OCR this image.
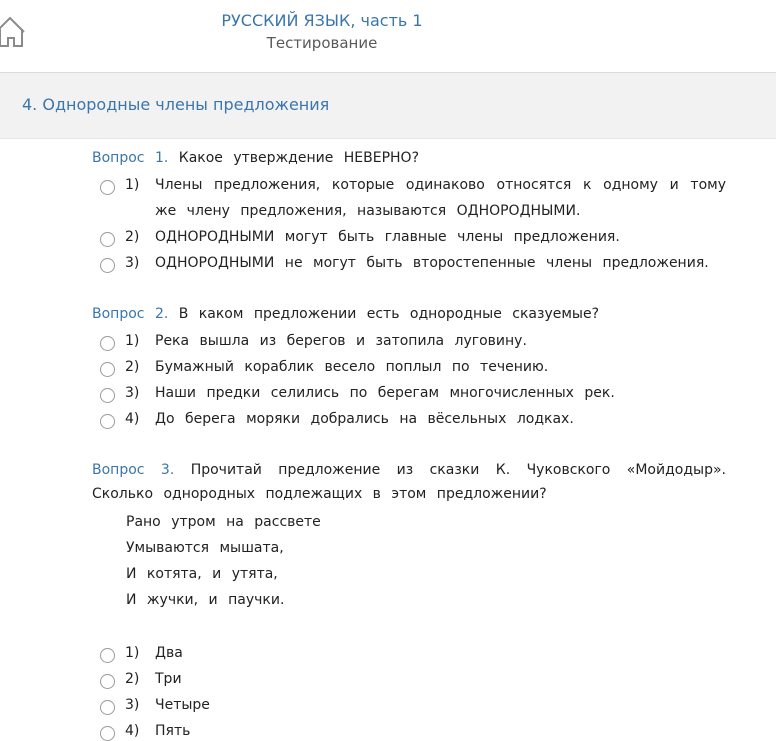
РУССКИЙ ЯЗЫК, часть 1
Тестирование
4. Однородные члены предложения
Вопрос 1. Какое утверждение НЕВЕРНО?
1) Члены предложения, которые одинаково относятся к одному и тому
же члену предложения, называются ОДНОРОДНЫМИ.
2) ОДНОРОДНЫМИ могут быть главные члены предложения.
3) ОДНОРОДНЫМИ не могут быть второстепенные члены предложения.
Вопрос 2. В каком предложении есть однородные сказуемые?
1) Река вышла из берегов и затопила луговину.
2) Бумажный кораблик весело поплыл по течению.
3) Наши предки селились по берегам многочисленных рек.
4) До берега моряки добрались на вёсельных лодках.
Вопрос 3. Прочитай предложение из сказки К. Чуковского «Мойдодыр».
Сколько однородных подлежащих в этом предложении?
Рано утром на рассвете
Умываются мышата,
И котята, и утята,
И жучки, и паучки.
1) Два
2) Три
3) Четыре
4) Пять
